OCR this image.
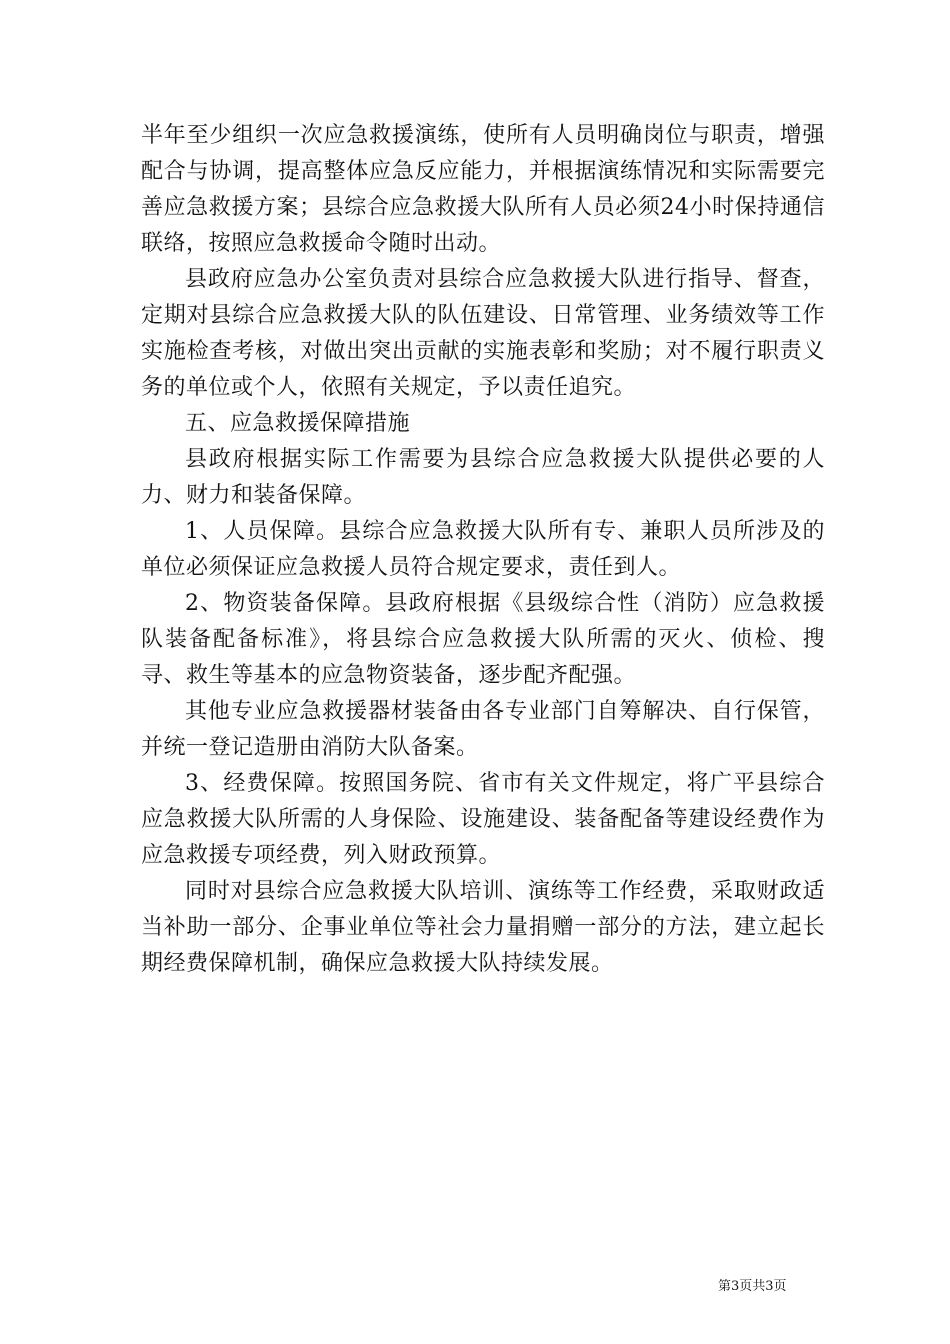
半年至少组织一次应急救援演练，使所有人员明确岗位与职责，增强配合与协调，提高整体应急反应能力，并根据演练情况和实际需要完善应急救援方案；县综合应急救援大队所有人员必须24小时保持通信联络，按照应急救援命令随时出动。

县政府应急办公室负责对县综合应急救援大队进行指导、督查，定期对县综合应急救援大队的队伍建设、日常管理、业务绩效等工作实施检查考核，对做出突出贡献的实施表彰和奖励；对不履行职责义务的单位或个人，依照有关规定，予以责任追究。

五、应急救援保障措施

县政府根据实际工作需要为县综合应急救援大队提供必要的人力、财力和装备保障。

1、人员保障。县综合应急救援大队所有专、兼职人员所涉及的单位必须保证应急救援人员符合规定要求，责任到人。

2、物资装备保障。县政府根据《县级综合性（消防）应急救援队装备配备标准》，将县综合应急救援大队所需的灭火、侦检、搜寻、救生等基本的应急物资装备，逐步配齐配强。

其他专业应急救援器材装备由各专业部门自筹解决、自行保管，并统一登记造册由消防大队备案。

3、经费保障。按照国务院、省市有关文件规定，将广平县综合应急救援大队所需的人身保险、设施建设、装备配备等建设经费作为应急救援专项经费，列入财政预算。

同时对县综合应急救援大队培训、演练等工作经费，采取财政适当补助一部分、企事业单位等社会力量捐赠一部分的方法，建立起长期经费保障机制，确保应急救援大队持续发展。

第3页共3页
